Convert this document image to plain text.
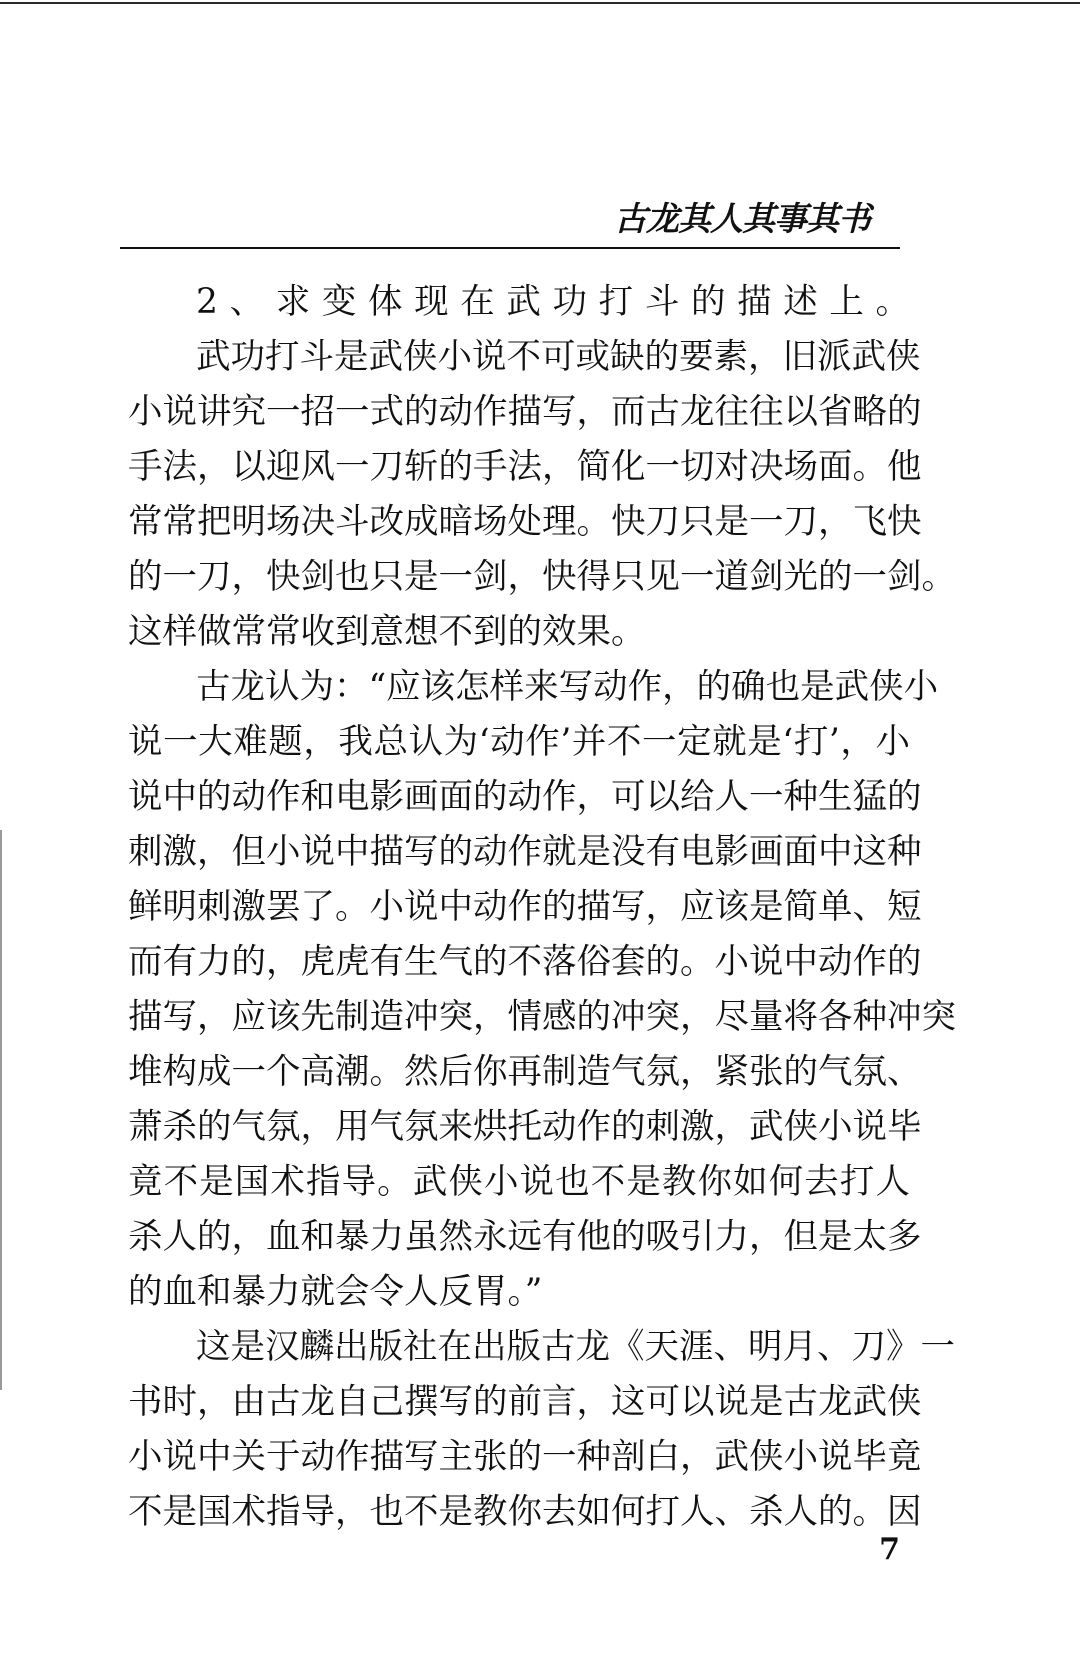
古龙其人其事其书
2、求变体现在武功打斗的描述上。
武功打斗是武侠小说不可或缺的要素，旧派武侠
小说讲究一招一式的动作描写，而古龙往往以省略的
手法，以迎风一刀斩的手法，简化一切对决场面。他
常常把明场决斗改成暗场处理。快刀只是一刀，飞快
的一刀，快剑也只是一剑，快得只见一道剑光的一剑。
这样做常常收到意想不到的效果。
古龙认为：“应该怎样来写动作，的确也是武侠小
说一大难题，我总认为‘动作’并不一定就是‘打’，小
说中的动作和电影画面的动作，可以给人一种生猛的
刺激，但小说中描写的动作就是没有电影画面中这种
鲜明刺激罢了。小说中动作的描写，应该是简单、短
而有力的，虎虎有生气的不落俗套的。小说中动作的
描写，应该先制造冲突，情感的冲突，尽量将各种冲突
堆构成一个高潮。然后你再制造气氛，紧张的气氛、
萧杀的气氛，用气氛来烘托动作的刺激，武侠小说毕
竟不是国术指导。武侠小说也不是教你如何去打人
杀人的，血和暴力虽然永远有他的吸引力，但是太多
的血和暴力就会令人反胃。”
这是汉麟出版社在出版古龙《天涯、明月、刀》一
书时，由古龙自己撰写的前言，这可以说是古龙武侠
小说中关于动作描写主张的一种剖白，武侠小说毕竟
不是国术指导，也不是教你去如何打人、杀人的。因
7
